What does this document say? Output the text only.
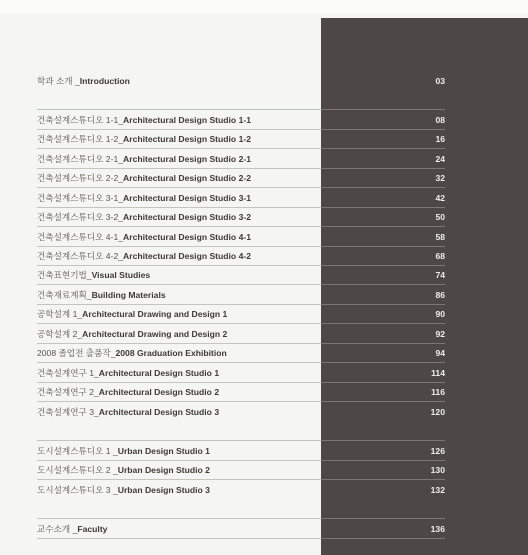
학과 소개 _Introduction	03
건축설계스튜디오 1-1_Architectural Design Studio 1-1	08
건축설계스튜디오 1-2_Architectural Design Studio 1-2	16
건축설계스튜디오 2-1_Architectural Design Studio 2-1	24
건축설계스튜디오 2-2_Architectural Design Studio 2-2	32
건축설계스튜디오 3-1_Architectural Design Studio 3-1	42
건축설계스튜디오 3-2_Architectural Design Studio 3-2	50
건축설계스튜디오 4-1_Architectural Design Studio 4-1	58
건축설계스튜디오 4-2_Architectural Design Studio 4-2	68
건축표현기법_Visual Studies	74
건축재료계획_Building Materials	86
공학설계 1_Architectural Drawing and Design 1	90
공학설계 2_Architectural Drawing and Design 2	92
2008 졸업전 출품작_2008 Graduation Exhibition	94
건축설계연구 1_Architectural Design Studio 1	114
건축설계연구 2_Architectural Design Studio 2	116
건축설계연구 3_Architectural Design Studio 3	120
도시설계스튜디오 1 _Urban Design Studio 1	126
도시설계스튜디오 2 _Urban Design Studio 2	130
도시설계스튜디오 3 _Urban Design Studio 3	132
교수소개 _Faculty	136
